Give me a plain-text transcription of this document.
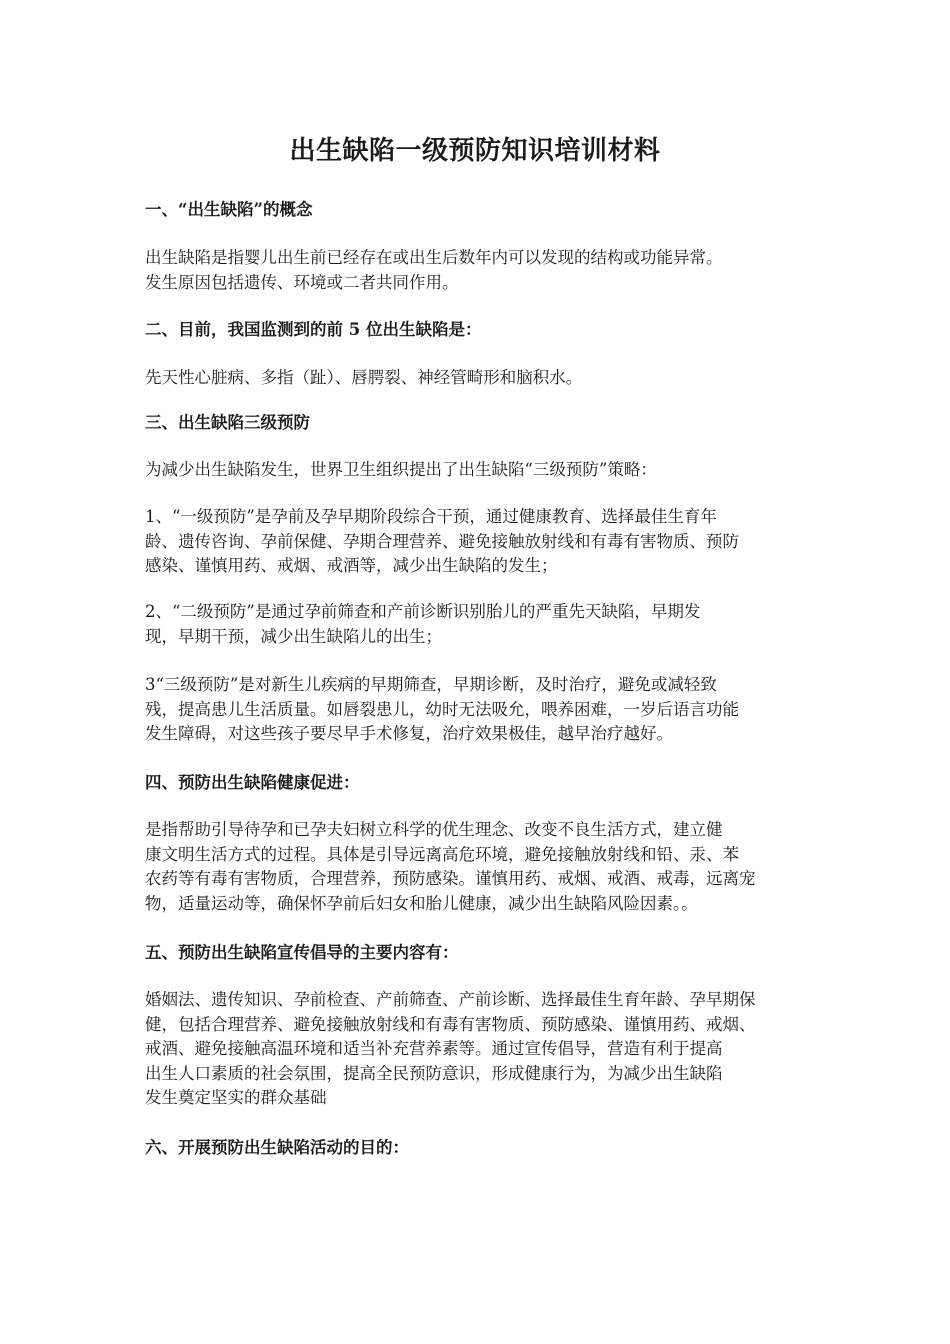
出生缺陷一级预防知识培训材料
一、“出生缺陷”的概念

出生缺陷是指婴儿出生前已经存在或出生后数年内可以发现的结构或功能异常。
发生原因包括遗传、环境或二者共同作用。

二、目前，我国监测到的前 5 位出生缺陷是：

先天性心脏病、多指（趾）、唇腭裂、神经管畸形和脑积水。

三、出生缺陷三级预防

为减少出生缺陷发生，世界卫生组织提出了出生缺陷“三级预防”策略：

1、“一级预防”是孕前及孕早期阶段综合干预，通过健康教育、选择最佳生育年
龄、遗传咨询、孕前保健、孕期合理营养、避免接触放射线和有毒有害物质、预防
感染、谨慎用药、戒烟、戒酒等，减少出生缺陷的发生；

2、“二级预防”是通过孕前筛查和产前诊断识别胎儿的严重先天缺陷，早期发
现，早期干预，减少出生缺陷儿的出生；

3“三级预防”是对新生儿疾病的早期筛查，早期诊断，及时治疗，避免或减轻致
残，提高患儿生活质量。如唇裂患儿，幼时无法吸允，喂养困难，一岁后语言功能
发生障碍，对这些孩子要尽早手术修复，治疗效果极佳，越早治疗越好。

四、预防出生缺陷健康促进：

是指帮助引导待孕和已孕夫妇树立科学的优生理念、改变不良生活方式，建立健
康文明生活方式的过程。具体是引导远离高危环境，避免接触放射线和铅、汞、苯
农药等有毒有害物质，合理营养，预防感染。谨慎用药、戒烟、戒酒、戒毒，远离宠
物，适量运动等，确保怀孕前后妇女和胎儿健康，减少出生缺陷风险因素。。

五、预防出生缺陷宣传倡导的主要内容有：

婚姻法、遗传知识、孕前检查、产前筛查、产前诊断、选择最佳生育年龄、孕早期保
健，包括合理营养、避免接触放射线和有毒有害物质、预防感染、谨慎用药、戒烟、
戒酒、避免接触高温环境和适当补充营养素等。通过宣传倡导，营造有利于提高
出生人口素质的社会氛围，提高全民预防意识，形成健康行为，为减少出生缺陷
发生奠定坚实的群众基础

六、开展预防出生缺陷活动的目的：
